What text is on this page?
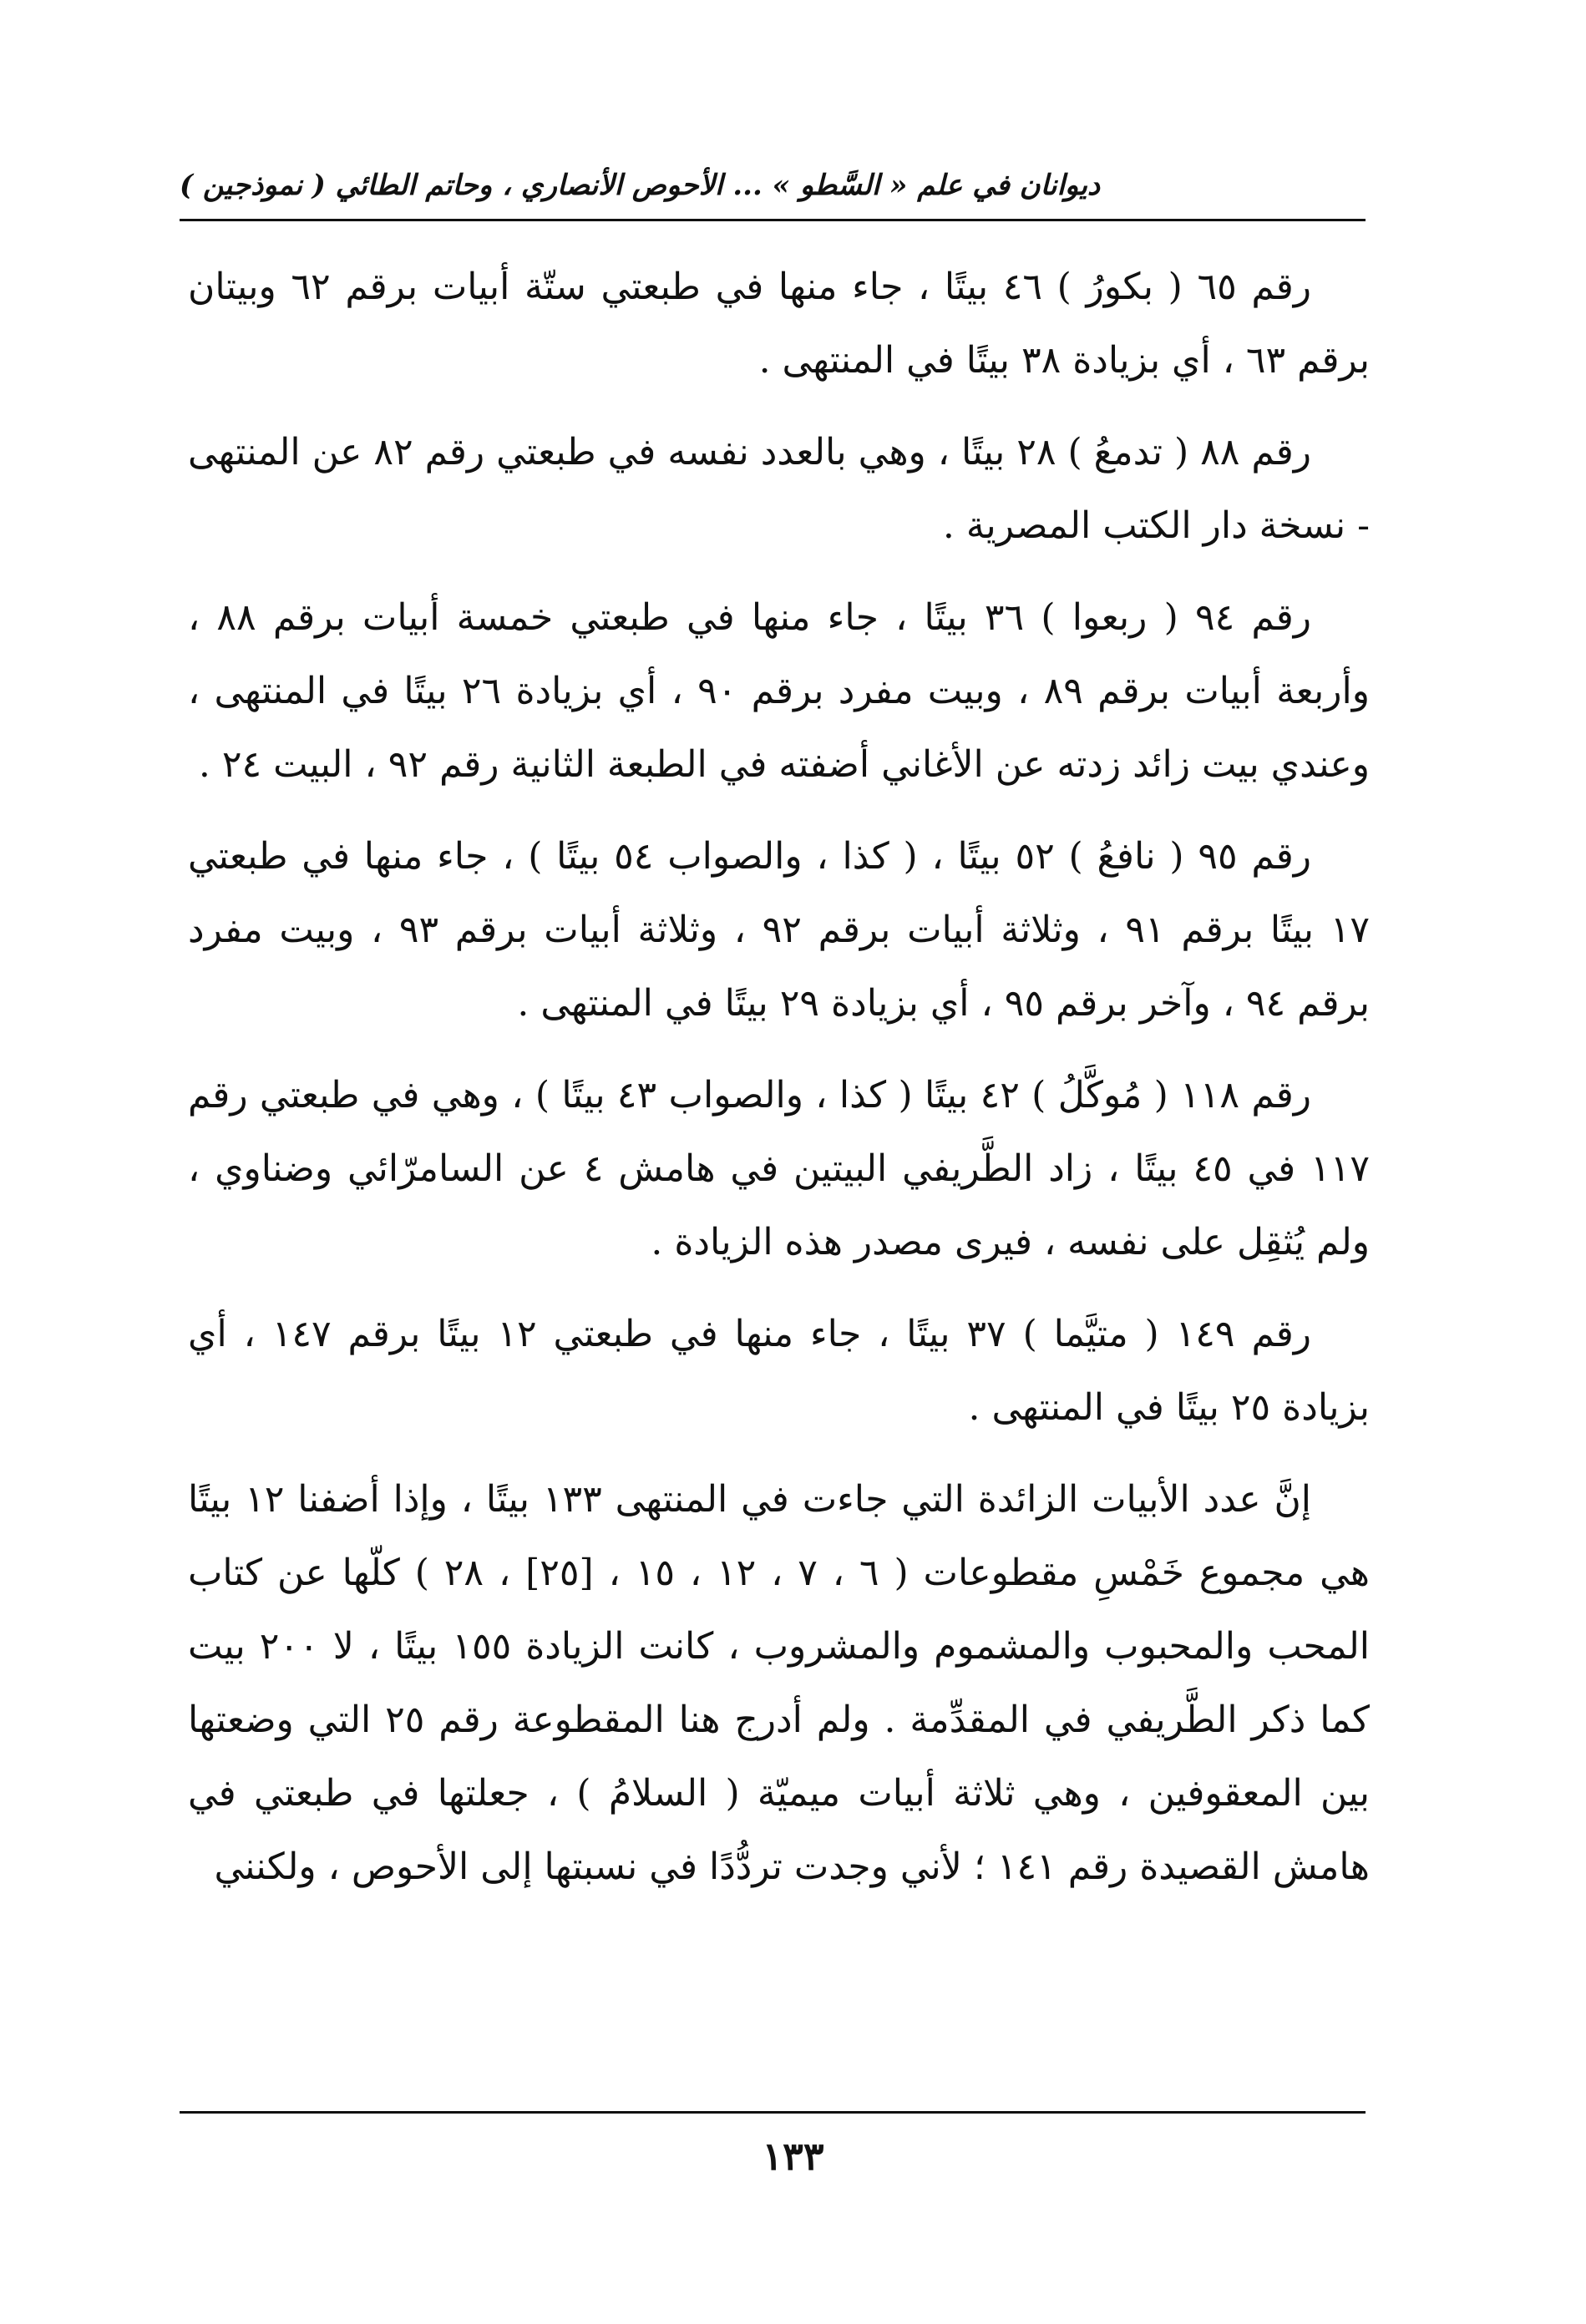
ديوانان في علم « السَّطو » ... الأحوص الأنصاري ، وحاتم الطائي ( نموذجين )

رقم ٦٥ ( بكورُ ) ٤٦ بيتًا ، جاء منها في طبعتي ستّة أبيات برقم ٦٢ وبيتان برقم ٦٣ ، أي بزيادة ٣٨ بيتًا في المنتهى .

رقم ٨٨ ( تدمعُ ) ٢٨ بيتًا ، وهي بالعدد نفسه في طبعتي رقم ٨٢ عن المنتهى - نسخة دار الكتب المصرية .

رقم ٩٤ ( ربعوا ) ٣٦ بيتًا ، جاء منها في طبعتي خمسة أبيات برقم ٨٨ ، وأربعة أبيات برقم ٨٩ ، وبيت مفرد برقم ٩٠ ، أي بزيادة ٢٦ بيتًا في المنتهى ، وعندي بيت زائد زدته عن الأغاني أضفته في الطبعة الثانية رقم ٩٢ ، البيت ٢٤ .

رقم ٩٥ ( نافعُ ) ٥٢ بيتًا ، ( كذا ، والصواب ٥٤ بيتًا ) ، جاء منها في طبعتي ١٧ بيتًا برقم ٩١ ، وثلاثة أبيات برقم ٩٢ ، وثلاثة أبيات برقم ٩٣ ، وبيت مفرد برقم ٩٤ ، وآخر برقم ٩٥ ، أي بزيادة ٢٩ بيتًا في المنتهى .

رقم ١١٨ ( مُوكَّلُ ) ٤٢ بيتًا ( كذا ، والصواب ٤٣ بيتًا ) ، وهي في طبعتي رقم ١١٧ في ٤٥ بيتًا ، زاد الطَّريفي البيتين في هامش ٤ عن السامرّائي وضناوي ، ولم يُثقِل على نفسه ، فيرى مصدر هذه الزيادة .

رقم ١٤٩ ( متيَّما ) ٣٧ بيتًا ، جاء منها في طبعتي ١٢ بيتًا برقم ١٤٧ ، أي بزيادة ٢٥ بيتًا في المنتهى .

إنَّ عدد الأبيات الزائدة التي جاءت في المنتهى ١٣٣ بيتًا ، وإذا أضفنا ١٢ بيتًا هي مجموع خَمْسِ مقطوعات ( ٦ ، ٧ ، ١٢ ، ١٥ ، [٢٥] ، ٢٨ ) كلّها عن كتاب المحب والمحبوب والمشموم والمشروب ، كانت الزيادة ١٥٥ بيتًا ، لا ٢٠٠ بيت كما ذكر الطَّريفي في المقدِّمة . ولم أدرج هنا المقطوعة رقم ٢٥ التي وضعتها بين المعقوفين ، وهي ثلاثة أبيات ميميّة ( السلامُ ) ، جعلتها في طبعتي في هامش القصيدة رقم ١٤١ ؛ لأني وجدت تردُّدًا في نسبتها إلى الأحوص ، ولكنني

١٣٣
